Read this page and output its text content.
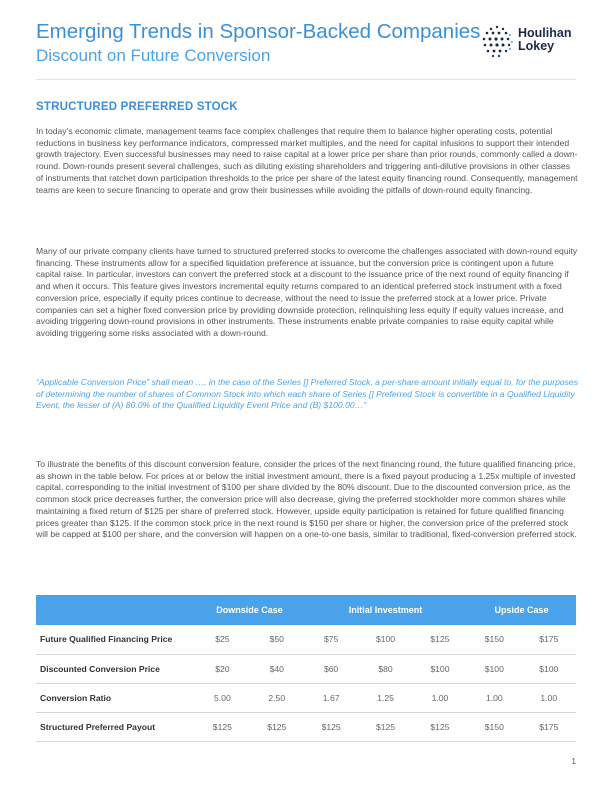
Emerging Trends in Sponsor-Backed Companies
Discount on Future Conversion
Houlihan
Lokey
STRUCTURED PREFERRED STOCK

In today’s economic climate, management teams face complex challenges that require them to balance higher operating costs, potential reductions in business key performance indicators, compressed market multiples, and the need for capital infusions to support their intended growth trajectory. Even successful businesses may need to raise capital at a lower price per share than prior rounds, commonly called a down-round. Down-rounds present several challenges, such as diluting existing shareholders and triggering anti-dilutive provisions in other classes of instruments that ratchet down participation thresholds to the price per share of the latest equity financing round. Consequently, management teams are keen to secure financing to operate and grow their businesses while avoiding the pitfalls of down-round equity financing.

Many of our private company clients have turned to structured preferred stocks to overcome the challenges associated with down-round equity financing. These instruments allow for a specified liquidation preference at issuance, but the conversion price is contingent upon a future capital raise. In particular, investors can convert the preferred stock at a discount to the issuance price of the next round of equity financing if and when it occurs. This feature gives investors incremental equity returns compared to an identical preferred stock instrument with a fixed conversion price, especially if equity prices continue to decrease, without the need to issue the preferred stock at a lower price. Private companies can set a higher fixed conversion price by providing downside protection, relinquishing less equity if equity values increase, and avoiding triggering down-round provisions in other instruments. These instruments enable private companies to raise equity capital while avoiding triggering some risks associated with a down-round.

“Applicable Conversion Price” shall mean …, in the case of the Series [] Preferred Stock, a per-share amount initially equal to, for the purposes of determining the number of shares of Common Stock into which each share of Series [] Preferred Stock is convertible in a Qualified Liquidity Event, the lesser of (A) 80.0% of the Qualified Liquidity Event Price and (B) $100.00…”

To illustrate the benefits of this discount conversion feature, consider the prices of the next financing round, the future qualified financing price, as shown in the table below. For prices at or below the initial investment amount, there is a fixed payout producing a 1.25x multiple of invested capital, corresponding to the initial investment of $100 per share divided by the 80% discount. Due to the discounted conversion price, as the common stock price decreases further, the conversion price will also decrease, giving the preferred stockholder more common shares while maintaining a fixed return of $125 per share of preferred stock. However, upside equity participation is retained for future qualified financing prices greater than $125. If the common stock price in the next round is $150 per share or higher, the conversion price of the preferred stock will be capped at $100 per share, and the conversion will happen on a one-to-one basis, similar to traditional, fixed-conversion preferred stock.

	Downside Case		Initial Investment			Upside Case	
Future Qualified Financing Price	$25	$50	$75	$100	$125	$150	$175
Discounted Conversion Price	$20	$40	$60	$80	$100	$100	$100
Conversion Ratio	5.00	2.50	1.67	1.25	1.00	1.00	1.00
Structured Preferred Payout	$125	$125	$125	$125	$125	$150	$175
1
